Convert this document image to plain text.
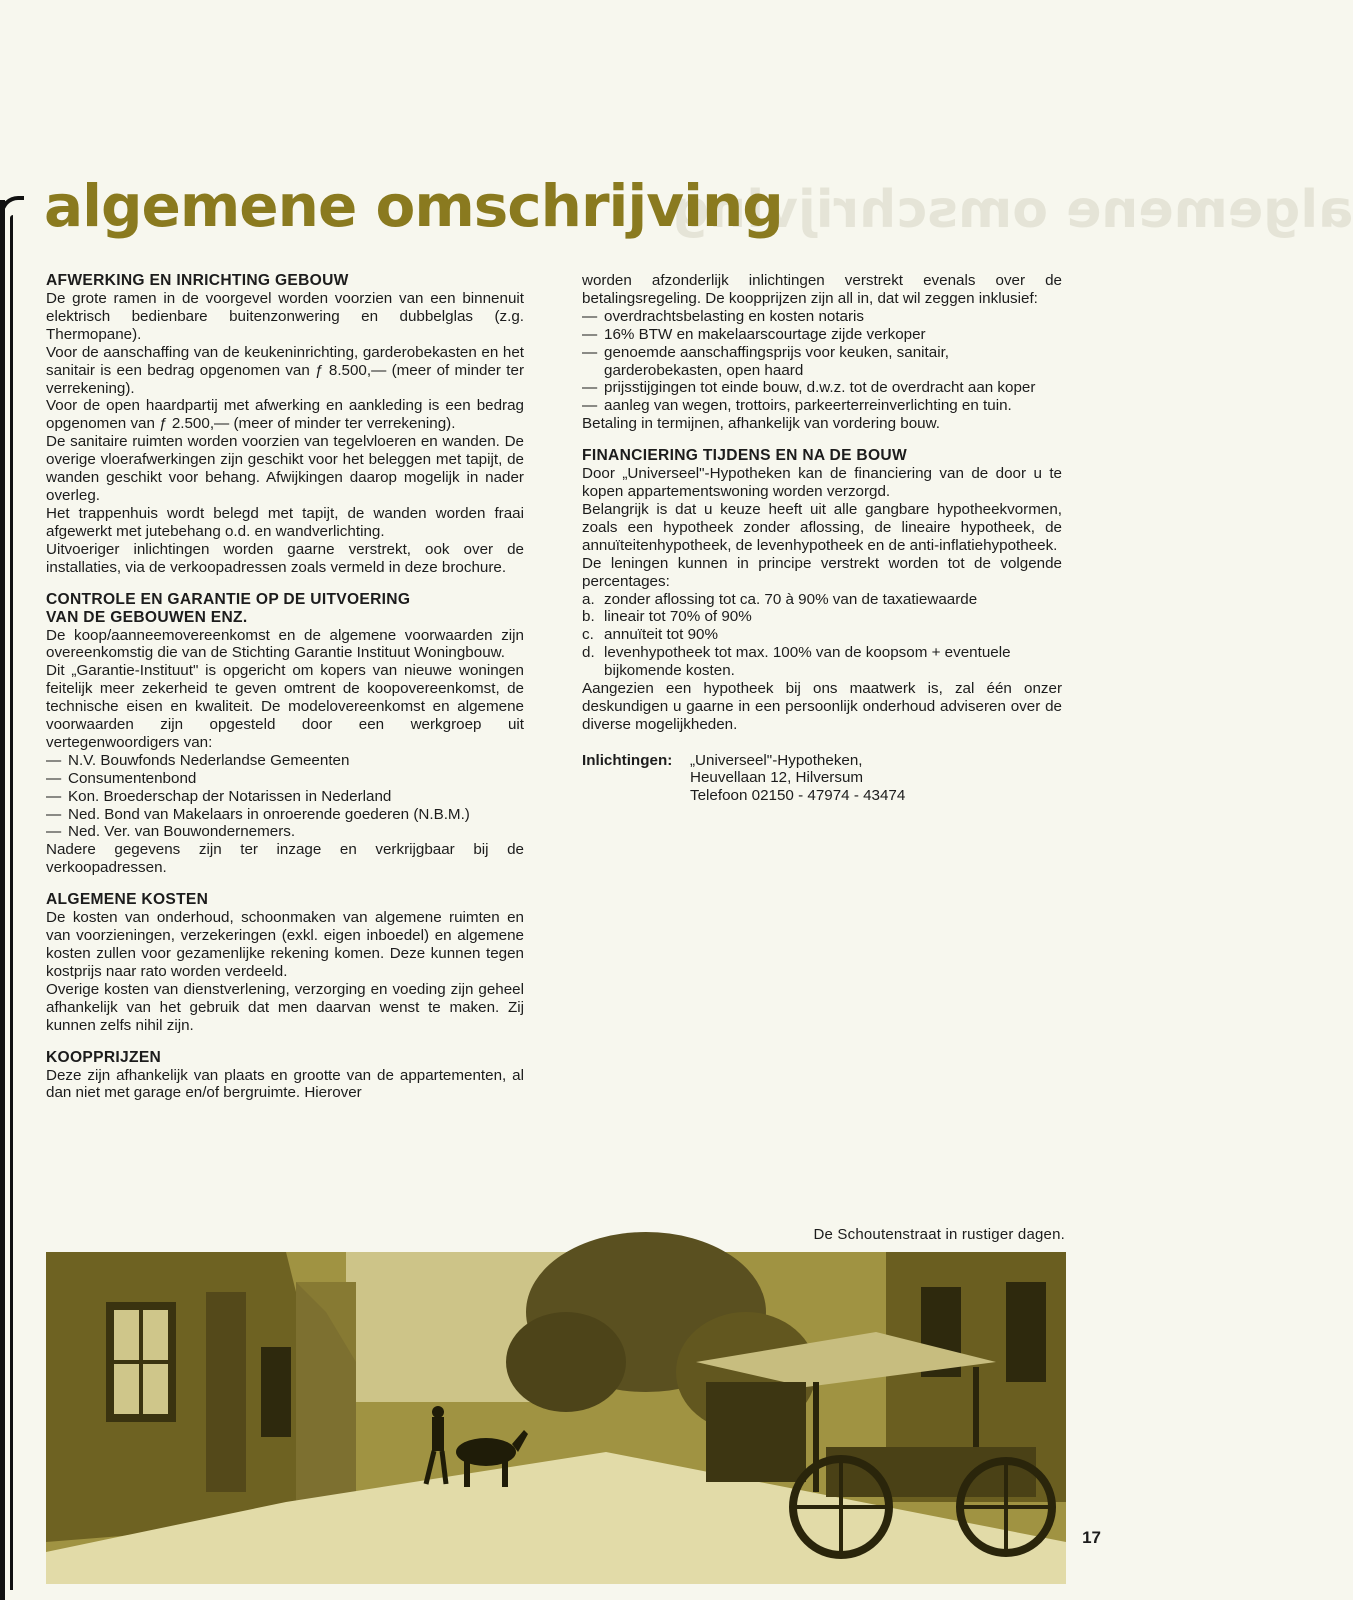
algemene omschrijving
algemene omschrijving
AFWERKING EN INRICHTING GEBOUW

De grote ramen in de voorgevel worden voorzien van een binnenuit elektrisch bedienbare buitenzonwering en dubbelglas (z.g. Thermopane).

Voor de aanschaffing van de keukeninrichting, garderobekasten en het sanitair is een bedrag opgenomen van ƒ 8.500,— (meer of minder ter verrekening).

Voor de open haardpartij met afwerking en aankleding is een bedrag opgenomen van ƒ 2.500,— (meer of minder ter verrekening).

De sanitaire ruimten worden voorzien van tegelvloeren en wanden. De overige vloerafwerkingen zijn geschikt voor het beleggen met tapijt, de wanden geschikt voor behang. Afwijkingen daarop mogelijk in nader overleg.

Het trappenhuis wordt belegd met tapijt, de wanden worden fraai afgewerkt met jutebehang o.d. en wandverlichting.

Uitvoeriger inlichtingen worden gaarne verstrekt, ook over de installaties, via de verkoopadressen zoals vermeld in deze brochure.

CONTROLE EN GARANTIE OP DE UITVOERING
VAN DE GEBOUWEN ENZ.

De koop/aanneemovereenkomst en de algemene voorwaarden zijn overeenkomstig die van de Stichting Garantie Instituut Woningbouw.

Dit „Garantie-Instituut" is opgericht om kopers van nieuwe woningen feitelijk meer zekerheid te geven omtrent de koopovereenkomst, de technische eisen en kwaliteit. De modelovereenkomst en algemene voorwaarden zijn opgesteld door een werkgroep uit vertegenwoordigers van:

— N.V. Bouwfonds Nederlandse Gemeenten
— Consumentenbond
— Kon. Broederschap der Notarissen in Nederland
— Ned. Bond van Makelaars in onroerende goederen (N.B.M.)
— Ned. Ver. van Bouwondernemers.

Nadere gegevens zijn ter inzage en verkrijgbaar bij de verkoopadressen.

ALGEMENE KOSTEN

De kosten van onderhoud, schoonmaken van algemene ruimten en van voorzieningen, verzekeringen (exkl. eigen inboedel) en algemene kosten zullen voor gezamenlijke rekening komen. Deze kunnen tegen kostprijs naar rato worden verdeeld.

Overige kosten van dienstverlening, verzorging en voeding zijn geheel afhankelijk van het gebruik dat men daarvan wenst te maken. Zij kunnen zelfs nihil zijn.

KOOPPRIJZEN

Deze zijn afhankelijk van plaats en grootte van de appartementen, al dan niet met garage en/of bergruimte. Hierover

worden afzonderlijk inlichtingen verstrekt evenals over de betalingsregeling. De koopprijzen zijn all in, dat wil zeggen inklusief:

— overdrachtsbelasting en kosten notaris
— 16% BTW en makelaarscourtage zijde verkoper
— genoemde aanschaffingsprijs voor keuken, sanitair, garderobekasten, open haard
— prijsstijgingen tot einde bouw, d.w.z. tot de overdracht aan koper
— aanleg van wegen, trottoirs, parkeerterreinverlichting en tuin.

Betaling in termijnen, afhankelijk van vordering bouw.

FINANCIERING TIJDENS EN NA DE BOUW

Door „Universeel"-Hypotheken kan de financiering van de door u te kopen appartementswoning worden verzorgd.

Belangrijk is dat u keuze heeft uit alle gangbare hypotheekvormen, zoals een hypotheek zonder aflossing, de lineaire hypotheek, de annuïteitenhypotheek, de levenhypotheek en de anti-inflatiehypotheek.

De leningen kunnen in principe verstrekt worden tot de volgende percentages:

a. zonder aflossing tot ca. 70 à 90% van de taxatiewaarde
b. lineair tot 70% of 90%
c. annuïteit tot 90%
d. levenhypotheek tot max. 100% van de koopsom + eventuele bijkomende kosten.

Aangezien een hypotheek bij ons maatwerk is, zal één onzer deskundigen u gaarne in een persoonlijk onderhoud adviseren over de diverse mogelijkheden.

Inlichtingen:	„Universeel"-Hypotheken,
Heuvellaan 12, Hilversum
Telefoon 02150 - 47974 - 43474
De Schoutenstraat in rustiger dagen.
17
